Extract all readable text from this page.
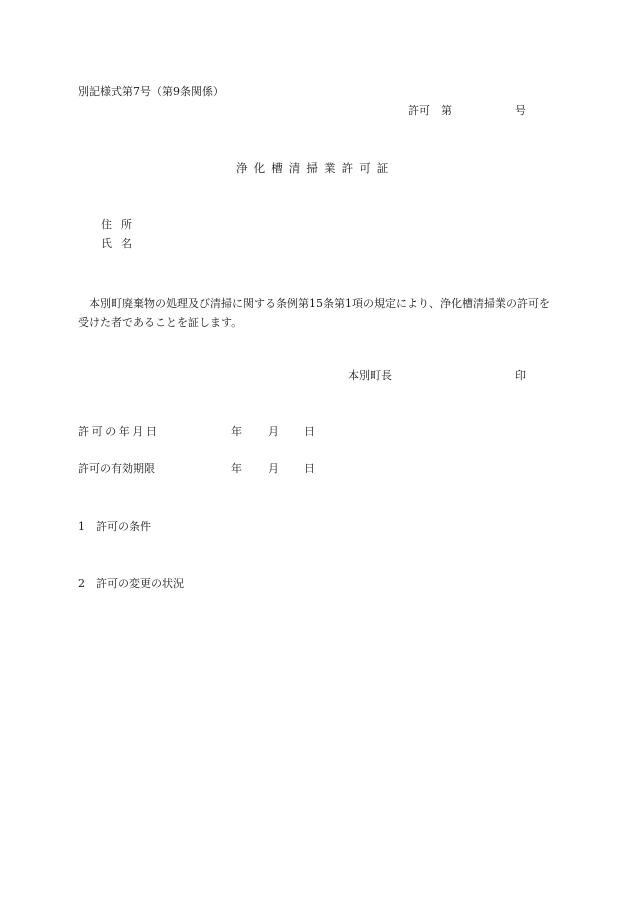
別記様式第7号（第9条関係）
許可　第	号
浄化槽清掃業許可証
住所
氏名
本別町廃棄物の処理及び清掃に関する条例第15条第1項の規定により、浄化槽清掃業の許可を受けた者であることを証します。
本別町長	印
許可の年月日	年 月 日
許可の有効期限	年 月 日
1　許可の条件
2　許可の変更の状況
